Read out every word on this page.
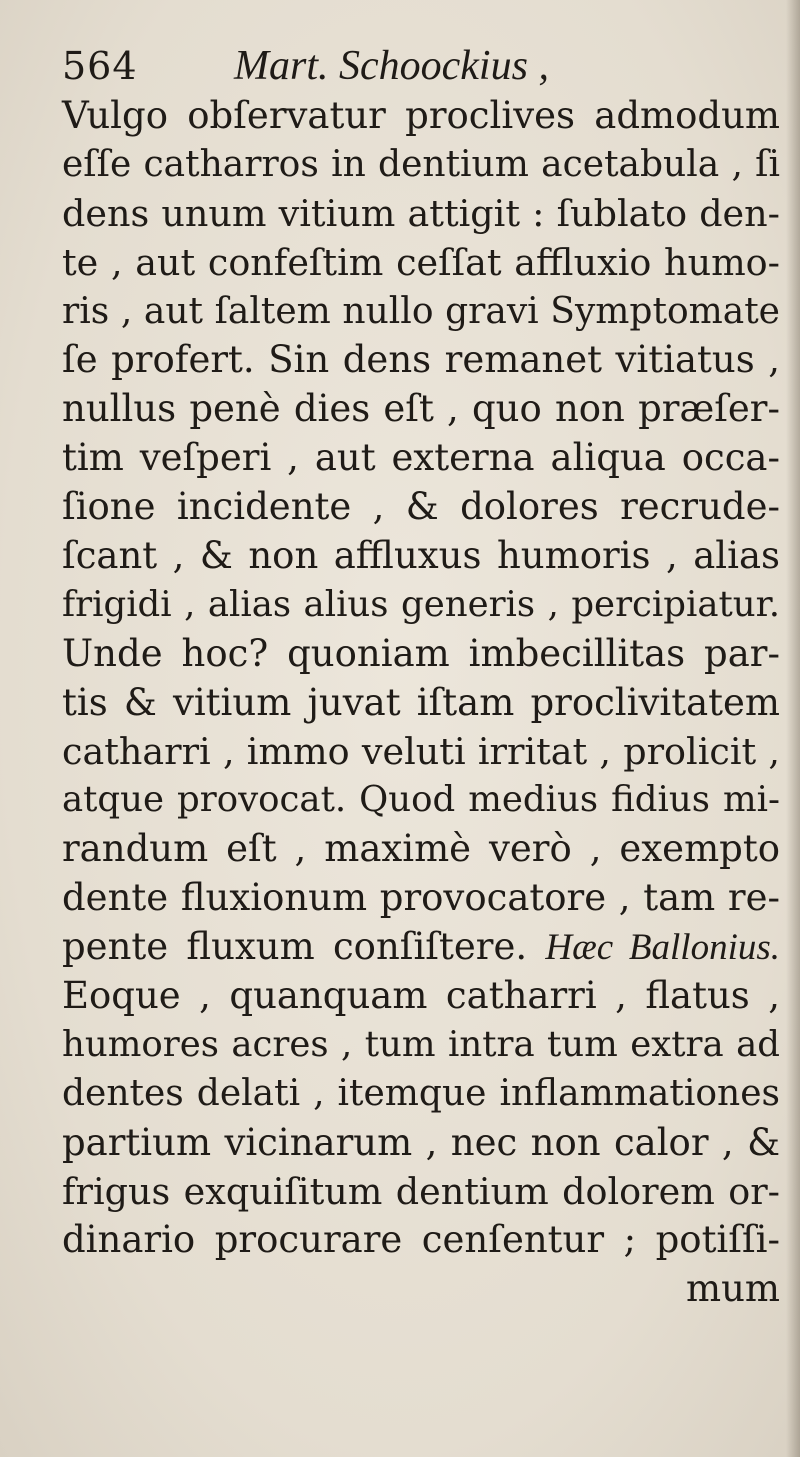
564 Mart. Schoockius ,
Vulgo obſervatur proclives admodum
eſſe catharros in dentium acetabula , ſi
dens unum vitium attigit : ſublato den-
te , aut confeſtim ceſſat affluxio humo-
ris , aut ſaltem nullo gravi Symptomate
ſe profert. Sin dens remanet vitiatus ,
nullus penè dies eſt , quo non præſer-
tim veſperi , aut externa aliqua occa-
ſione incidente , & dolores recrude-
ſcant , & non affluxus humoris , alias
frigidi , alias alius generis , percipiatur.
Unde hoc? quoniam imbecillitas par-
tis & vitium juvat iſtam proclivitatem
catharri , immo veluti irritat , prolicit ,
atque provocat. Quod medius fidius mi-
randum eſt , maximè verò , exempto
dente fluxionum provocatore , tam re-
pente fluxum conſiſtere. Hæc Ballonius.
Eoque , quanquam catharri , flatus ,
humores acres , tum intra tum extra ad
dentes delati , itemque inflammationes
partium vicinarum , nec non calor , &
frigus exquiſitum dentium dolorem or-
dinario procurare cenſentur ; potiſſi-
mum
